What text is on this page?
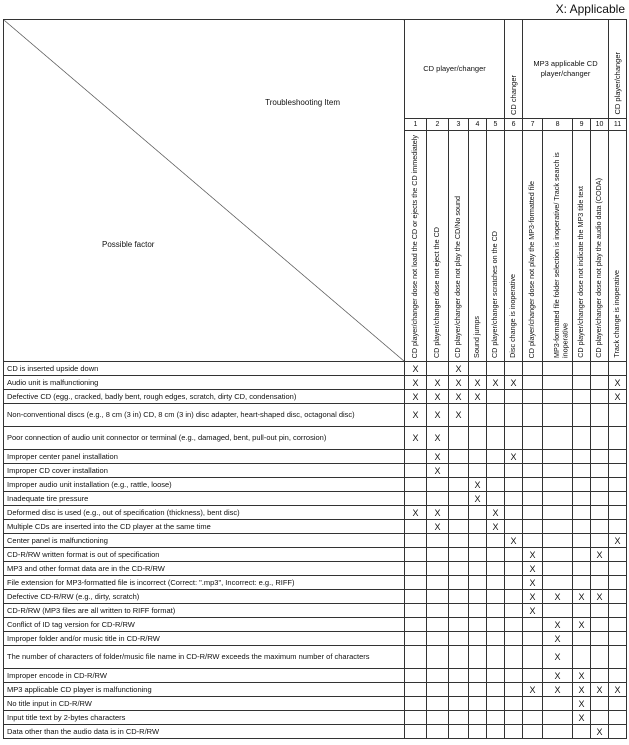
X: Applicable
Troubleshooting Item
Possible factor	CD player/changer					CD changer	MP3 applicable CD player/changer				CD player/changer

	1	2	3	4	5	6	7	8	9	10	11

	CD player/changer dose not load the CD or ejects the CD immediately	CD player/changer dose not eject the CD	CD player/changer dose not play the CD/No sound	Sound jumps	CD player/changer scratches on the CD	Disc change is inoperative	CD player/changer dose not play the MP3-formatted file	MP3-formatted file folder selection is inoperative/ Track search is inoperative	CD player/changer dose not indicate the MP3 title text	CD player/changer dose not play the audio data (CODA)	Track change is inoperative

CD is inserted upside down	X		X								
Audio unit is malfunctioning	X	X	X	X	X	X					X
Defective CD (egg., cracked, badly bent, rough edges, scratch, dirty CD, condensation)	X	X	X	X							X
Non-conventional discs (e.g., 8 cm (3 in) CD, 8 cm (3 in) disc adapter, heart-shaped disc, octagonal disc)	X	X	X								
Poor connection of audio unit connector or terminal (e.g., damaged, bent, pull-out pin, corrosion)	X	X									
Improper center panel installation		X				X					
Improper CD cover installation		X									
Improper audio unit installation (e.g., rattle, loose)				X							
Inadequate tire pressure				X							
Deformed disc is used (e.g., out of specification (thickness), bent disc)	X	X			X						
Multiple CDs are inserted into the CD player at the same time		X			X						
Center panel is malfunctioning						X					X
CD-R/RW written format is out of specification							X			X	
MP3 and other format data are in the CD-R/RW							X				
File extension for MP3-formatted file is incorrect (Correct: ".mp3", Incorrect: e.g., RIFF)							X				
Defective CD-R/RW (e.g., dirty, scratch)							X	X	X	X	
CD-R/RW (MP3 files are all written to RIFF format)							X				
Conflict of ID tag version for CD-R/RW								X	X		
Improper folder and/or music title in CD-R/RW								X			
The number of characters of folder/music file name in CD-R/RW exceeds the maximum number of characters								X			
Improper encode in CD-R/RW								X	X		
MP3 applicable CD player is malfunctioning							X	X	X	X	X
No title input in CD-R/RW									X		
Input title text by 2-bytes characters									X		
Data other than the audio data is in CD-R/RW										X	
